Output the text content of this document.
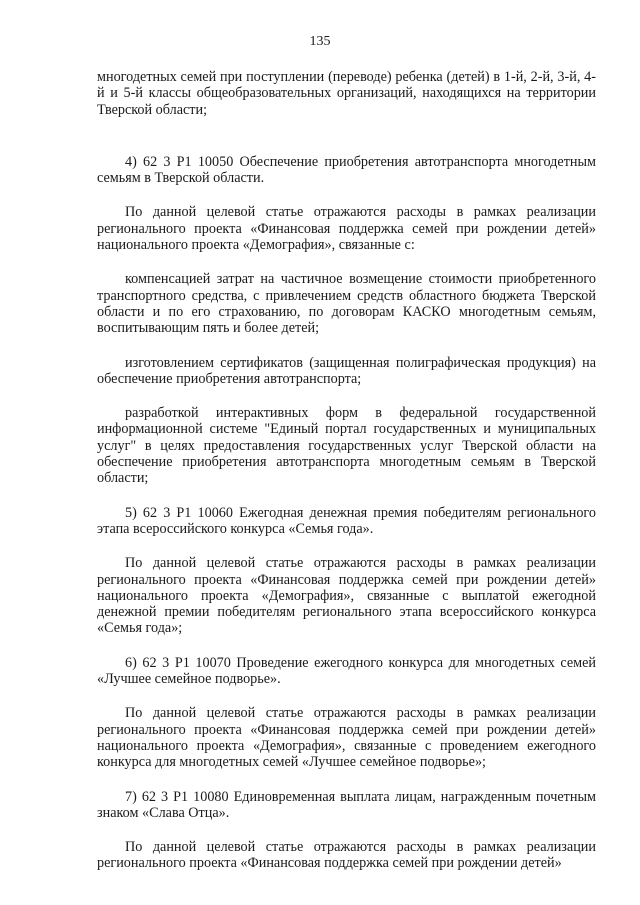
135

многодетных семей при поступлении (переводе) ребенка (детей) в 1-й, 2-й, 3-й, 4-й и 5-й классы общеобразовательных организаций, находящихся на территории Тверской области;

4) 62 3 P1 10050 Обеспечение приобретения автотранспорта многодетным семьям в Тверской области.

По данной целевой статье отражаются расходы в рамках реализации регионального проекта «Финансовая поддержка семей при рождении детей» национального проекта «Демография», связанные с:

компенсацией затрат на частичное возмещение стоимости приобретенного транспортного средства, с привлечением средств областного бюджета Тверской области и по его страхованию, по договорам КАСКО многодетным семьям, воспитывающим пять и более детей;

изготовлением сертификатов (защищенная полиграфическая продукция) на обеспечение приобретения автотранспорта;

разработкой интерактивных форм в федеральной государственной информационной системе "Единый портал государственных и муниципальных услуг" в целях предоставления государственных услуг Тверской области на обеспечение приобретения автотранспорта многодетным семьям в Тверской области;

5) 62 3 P1 10060 Ежегодная денежная премия победителям регионального этапа всероссийского конкурса «Семья года».

По данной целевой статье отражаются расходы в рамках реализации регионального проекта «Финансовая поддержка семей при рождении детей» национального проекта «Демография», связанные с выплатой ежегодной денежной премии победителям регионального этапа всероссийского конкурса «Семья года»;

6) 62 3 P1 10070 Проведение ежегодного конкурса для многодетных семей «Лучшее семейное подворье».

По данной целевой статье отражаются расходы в рамках реализации регионального проекта «Финансовая поддержка семей при рождении детей» национального проекта «Демография», связанные с проведением ежегодного конкурса для многодетных семей «Лучшее семейное подворье»;

7) 62 3 P1 10080 Единовременная выплата лицам, награжденным почетным знаком «Слава Отца».

По данной целевой статье отражаются расходы в рамках реализации регионального проекта «Финансовая поддержка семей при рождении детей»
